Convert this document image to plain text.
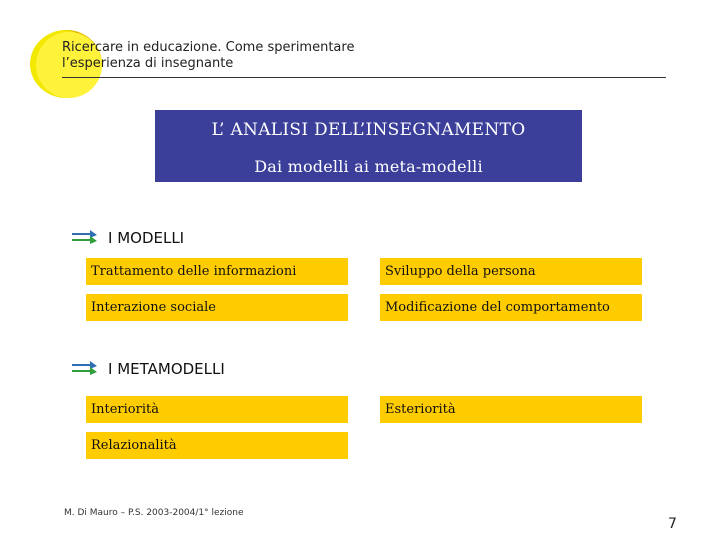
Ricercare in educazione. Come sperimentare
l’esperienza di insegnante
L’ ANALISI DELL’INSEGNAMENTO
Dai modelli ai meta-modelli
I MODELLI
Trattamento delle informazioni	Sviluppo della persona
Interazione sociale	Modificazione del comportamento
I METAMODELLI
Interiorità	Esteriorità
Relazionalità
M. Di Mauro – P.S. 2003-2004/1° lezione
7
